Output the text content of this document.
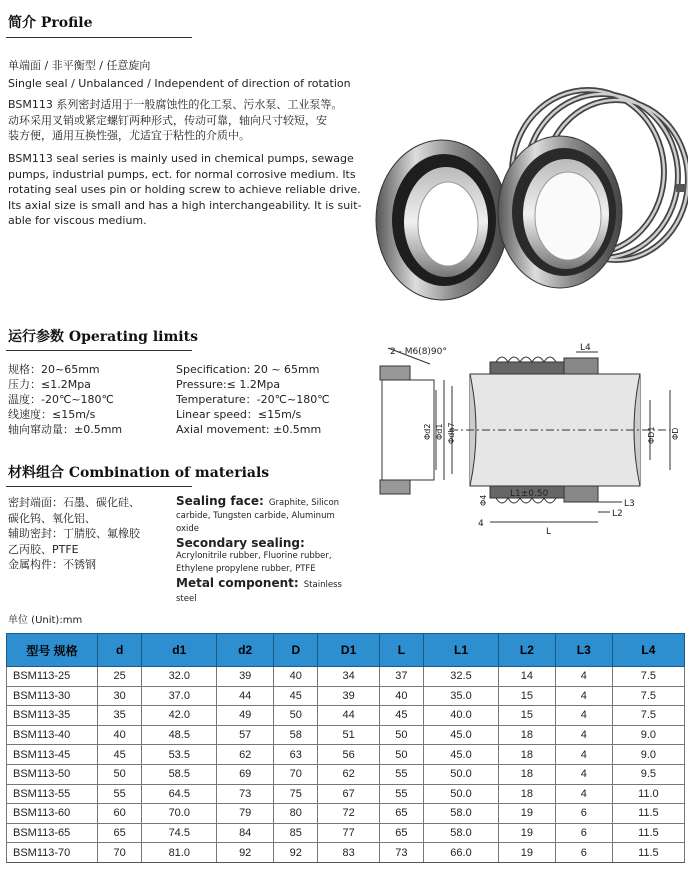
简介 Profile
单端面 / 非平衡型 / 任意旋向
Single seal / Unbalanced / Independent of direction of rotation
BSM113 系列密封适用于一般腐蚀性的化工泵、污水泵、工业泵等。
动环采用叉销或紧定螺钉两种形式，传动可靠，轴向尺寸较短，安
装方便，通用互换性强，尤适宜于粘性的介质中。
BSM113 seal series is mainly used in chemical pumps, sewage
pumps, industrial pumps, ect. for normal corrosive medium. Its
rotating seal uses pin or holding screw to achieve reliable drive.
Its axial size is small and has a high interchangeability. It is suit-
able for viscous medium.
运行参数 Operating limits
规格：20~65mm
压力：≤1.2Mpa
温度：-20℃~180℃
线速度：≤15m/s
轴向窜动量：±0.5mm
Specification: 20 ~ 65mm
Pressure:≤ 1.2Mpa
Temperature：-20℃~180℃
Linear speed：≤15m/s
Axial movement: ±0.5mm
材料组合 Combination of materials
密封端面：石墨、碳化硅、
碳化钨、氧化铝、
辅助密封：丁腈胶、氟橡胶
乙丙胶、PTFE
金属构件：不锈钢
Sealing face: Graphite, Silicon carbide, Tungsten carbide, Aluminum oxide
Secondary sealing: Acrylonitrile rubber, Fluorine rubber, Ethylene propylene rubber, PTFE
Metal component: Stainless steel
2 - M6(8)90°	L4
Φd2 Φd1 Φdh7	ΦD1 ΦD
Φ4
L1±0.50
L3
L2
4
L
单位 (Unit):mm
型号 规格	d	d1	d2	D	D1	L	L1	L2	L3	L4
BSM113-25	25	32.0	39	40	34	37	32.5	14	4	7.5
BSM113-30	30	37.0	44	45	39	40	35.0	15	4	7.5
BSM113-35	35	42.0	49	50	44	45	40.0	15	4	7.5
BSM113-40	40	48.5	57	58	51	50	45.0	18	4	9.0
BSM113-45	45	53.5	62	63	56	50	45.0	18	4	9.0
BSM113-50	50	58.5	69	70	62	55	50.0	18	4	9.5
BSM113-55	55	64.5	73	75	67	55	50.0	18	4	11.0
BSM113-60	60	70.0	79	80	72	65	58.0	19	6	11.5
BSM113-65	65	74.5	84	85	77	65	58.0	19	6	11.5
BSM113-70	70	81.0	92	92	83	73	66.0	19	6	11.5
